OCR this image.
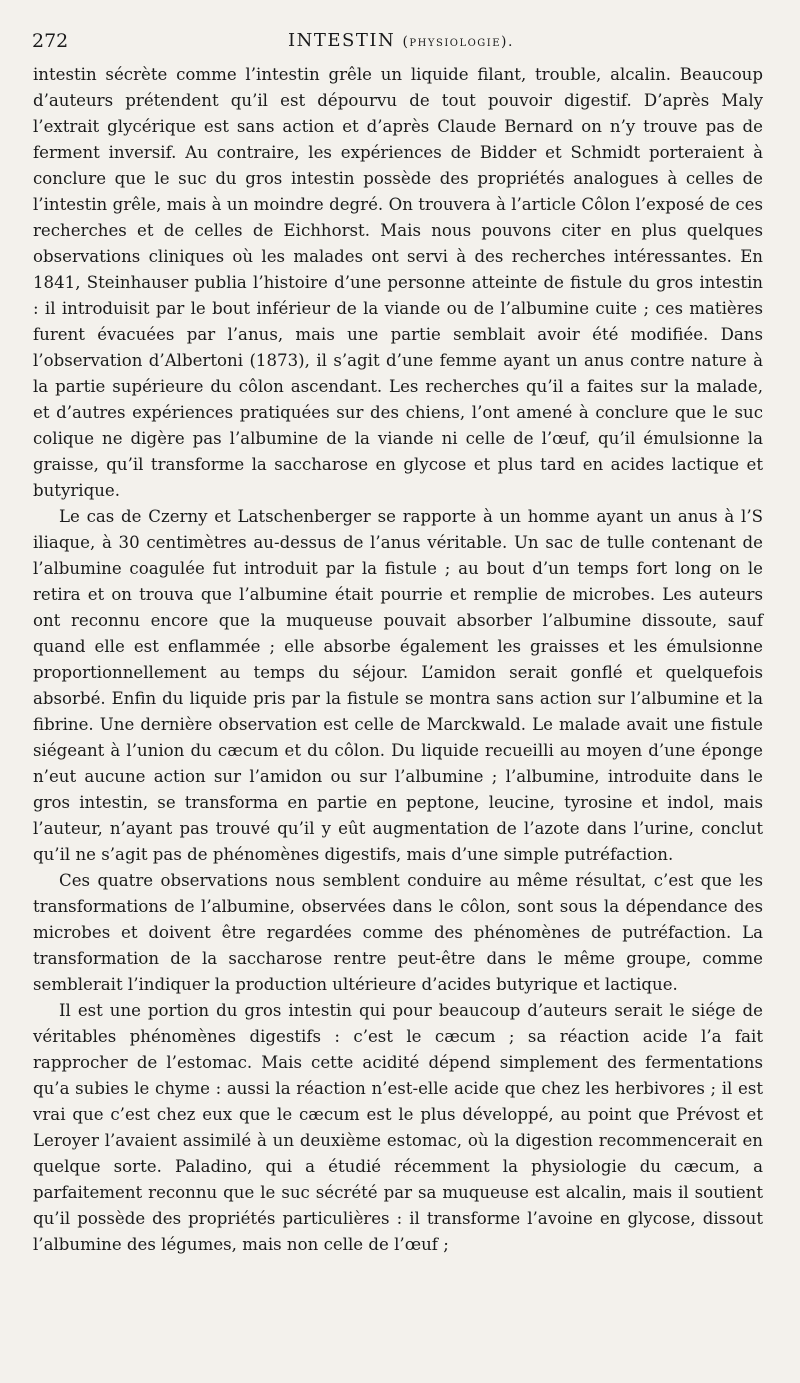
272	INTESTIN (physiologie).

intestin sécrète comme l’intestin grêle un liquide filant, trouble, alcalin. Beaucoup d’auteurs prétendent qu’il est dépourvu de tout pouvoir digestif. D’après Maly l’extrait glycérique est sans action et d’après Claude Bernard on n’y trouve pas de ferment inversif. Au contraire, les expériences de Bidder et Schmidt porteraient à conclure que le suc du gros intestin possède des propriétés analogues à celles de l’intestin grêle, mais à un moindre degré. On trouvera à l’article Côlon l’exposé de ces recherches et de celles de Eichhorst. Mais nous pouvons citer en plus quelques observations cliniques où les malades ont servi à des recherches intéressantes. En 1841, Steinhauser publia l’histoire d’une personne atteinte de fistule du gros intestin : il introduisit par le bout inférieur de la viande ou de l’albumine cuite ; ces matières furent évacuées par l’anus, mais une partie semblait avoir été modifiée. Dans l’observation d’Albertoni (1873), il s’agit d’une femme ayant un anus contre nature à la partie supérieure du côlon ascendant. Les recherches qu’il a faites sur la malade, et d’autres expériences pratiquées sur des chiens, l’ont amené à conclure que le suc colique ne digère pas l’albumine de la viande ni celle de l’œuf, qu’il émulsionne la graisse, qu’il transforme la saccharose en glycose et plus tard en acides lactique et butyrique.

Le cas de Czerny et Latschenberger se rapporte à un homme ayant un anus à l’S iliaque, à 30 centimètres au-dessus de l’anus véritable. Un sac de tulle contenant de l’albumine coagulée fut introduit par la fistule ; au bout d’un temps fort long on le retira et on trouva que l’albumine était pourrie et remplie de microbes. Les auteurs ont reconnu encore que la muqueuse pouvait absorber l’albumine dissoute, sauf quand elle est enflammée ; elle absorbe également les graisses et les émulsionne proportionnellement au temps du séjour. L’amidon serait gonflé et quelquefois absorbé. Enfin du liquide pris par la fistule se montra sans action sur l’albumine et la fibrine. Une dernière observation est celle de Marckwald. Le malade avait une fistule siégeant à l’union du cæcum et du côlon. Du liquide recueilli au moyen d’une éponge n’eut aucune action sur l’amidon ou sur l’albumine ; l’albumine, introduite dans le gros intestin, se transforma en partie en peptone, leucine, tyrosine et indol, mais l’auteur, n’ayant pas trouvé qu’il y eût augmentation de l’azote dans l’urine, conclut qu’il ne s’agit pas de phénomènes digestifs, mais d’une simple putréfaction.

Ces quatre observations nous semblent conduire au même résultat, c’est que les transformations de l’albumine, observées dans le côlon, sont sous la dépendance des microbes et doivent être regardées comme des phénomènes de putréfaction. La transformation de la saccharose rentre peut-être dans le même groupe, comme semblerait l’indiquer la production ultérieure d’acides butyrique et lactique.

Il est une portion du gros intestin qui pour beaucoup d’auteurs serait le siége de véritables phénomènes digestifs : c’est le cæcum ; sa réaction acide l’a fait rapprocher de l’estomac. Mais cette acidité dépend simplement des fermentations qu’a subies le chyme : aussi la réaction n’est-elle acide que chez les herbivores ; il est vrai que c’est chez eux que le cæcum est le plus développé, au point que Prévost et Leroyer l’avaient assimilé à un deuxième estomac, où la digestion recommencerait en quelque sorte. Paladino, qui a étudié récemment la physiologie du cæcum, a parfaitement reconnu que le suc sécrété par sa muqueuse est alcalin, mais il soutient qu’il possède des propriétés particulières : il transforme l’avoine en glycose, dissout l’albumine des légumes, mais non celle de l’œuf ;
